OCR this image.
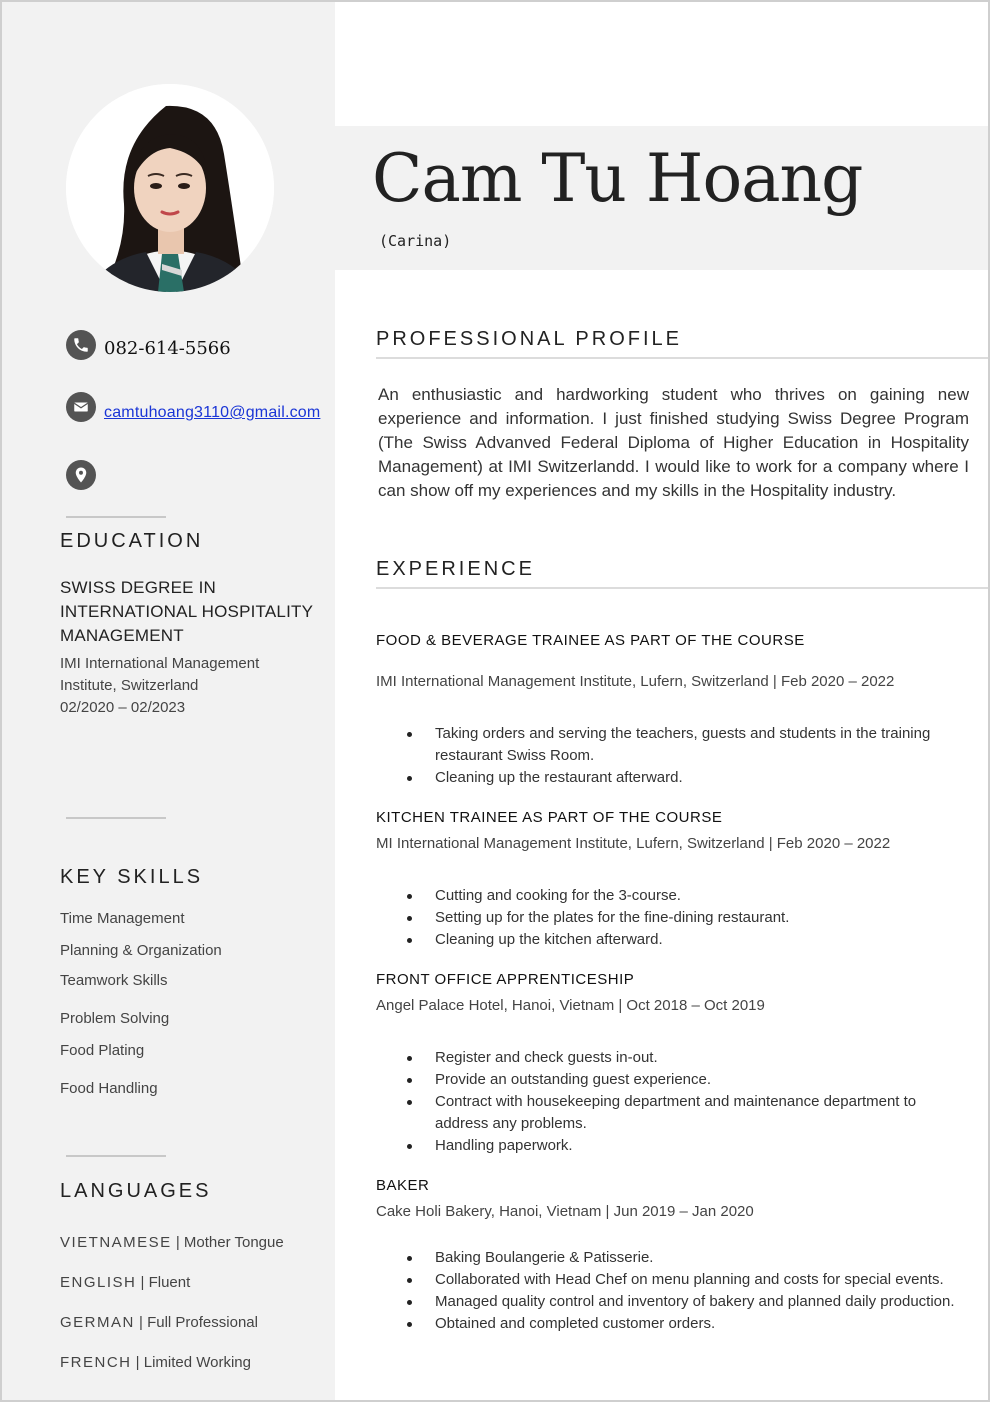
082-614-5566
camtuhoang3110@gmail.com
EDUCATION
SWISS DEGREE IN INTERNATIONAL HOSPITALITY MANAGEMENT
IMI International Management Institute, Switzerland
02/2020 – 02/2023
KEY SKILLS
Time Management
Planning & Organization
Teamwork Skills
Problem Solving
Food Plating
Food Handling
LANGUAGES
VIETNAMESE | Mother Tongue
ENGLISH | Fluent
GERMAN | Full Professional
FRENCH | Limited Working
Cam Tu Hoang
(Carina)
PROFESSIONAL PROFILE
An enthusiastic and hardworking student who thrives on gaining new experience and information. I just finished studying Swiss Degree Program (The Swiss Advanved Federal Diploma of Higher Education in Hospitality Management) at IMI Switzerlandd. I would like to work for a company where I can show off my experiences and my skills in the Hospitality industry.
EXPERIENCE
FOOD & BEVERAGE TRAINEE AS PART OF THE COURSE
IMI International Management Institute, Lufern, Switzerland | Feb 2020 – 2022
Taking orders and serving the teachers, guests and students in the training restaurant Swiss Room.
Cleaning up the restaurant afterward.
KITCHEN TRAINEE AS PART OF THE COURSE
MI International Management Institute, Lufern, Switzerland | Feb 2020 – 2022
Cutting and cooking for the 3-course.
Setting up for the plates for the fine-dining restaurant.
Cleaning up the kitchen afterward.
FRONT OFFICE APPRENTICESHIP
Angel Palace Hotel, Hanoi, Vietnam | Oct 2018 – Oct 2019
Register and check guests in-out.
Provide an outstanding guest experience.
Contract with housekeeping department and maintenance department to address any problems.
Handling paperwork.
BAKER
Cake Holi Bakery, Hanoi, Vietnam | Jun 2019 – Jan 2020
Baking Boulangerie & Patisserie.
Collaborated with Head Chef on menu planning and costs for special events.
Managed quality control and inventory of bakery and planned daily production.
Obtained and completed customer orders.
